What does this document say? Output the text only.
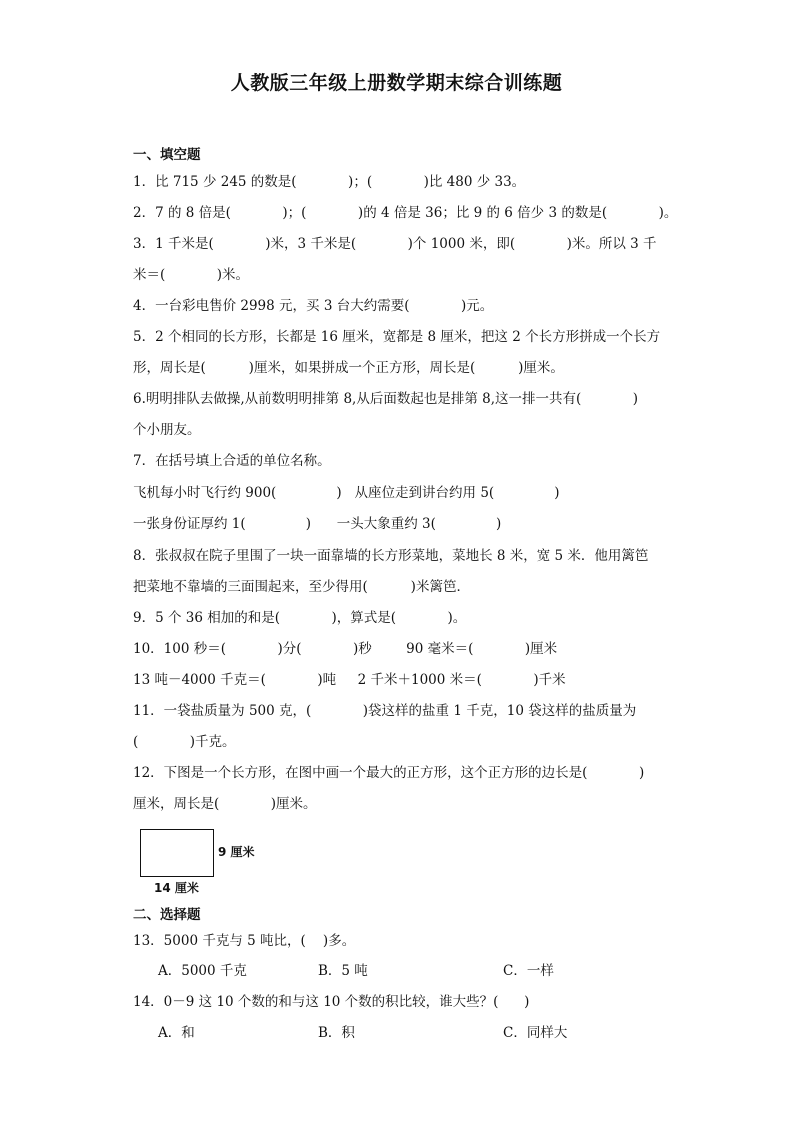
人教版三年级上册数学期末综合训练题
一、填空题
1．比 715 少 245 的数是(            )；(            )比 480 少 33。
2．7 的 8 倍是(            )；(            )的 4 倍是 36；比 9 的 6 倍少 3 的数是(            )。
3．1 千米是(            )米，3 千米是(            )个 1000 米，即(            )米。所以 3 千
米＝(            )米。
4．一台彩电售价 2998 元，买 3 台大约需要(            )元。
5．2 个相同的长方形，长都是 16 厘米，宽都是 8 厘米，把这 2 个长方形拼成一个长方
形，周长是(          )厘米，如果拼成一个正方形，周长是(          )厘米。
6.明明排队去做操,从前数明明排第 8,从后面数起也是排第 8,这一排一共有(            )
个小朋友。
7．在括号填上合适的单位名称。
飞机每小时飞行约 900(              )   从座位走到讲台约用 5(              )
一张身份证厚约 1(              )      一头大象重约 3(              )
8．张叔叔在院子里围了一块一面靠墙的长方形菜地，菜地长 8 米，宽 5 米．他用篱笆
把菜地不靠墙的三面围起来，至少得用(          )米篱笆．
9．5 个 36 相加的和是(            )，算式是(            )。
10．100 秒＝(            )分(            )秒        90 毫米＝(            )厘米
13 吨－4000 千克＝(            )吨     2 千米＋1000 米＝(            )千米
11．一袋盐质量为 500 克，(            )袋这样的盐重 1 千克，10 袋这样的盐质量为
(            )千克。
12．下图是一个长方形，在图中画一个最大的正方形，这个正方形的边长是(            )
厘米，周长是(            )厘米。
9 厘米
14 厘米
二、选择题
13．5000 千克与 5 吨比，(    )多。
A．5000 千克	B．5 吨	C．一样
14．0－9 这 10 个数的和与这 10 个数的积比较，谁大些？(      )
A．和	B．积	C．同样大
